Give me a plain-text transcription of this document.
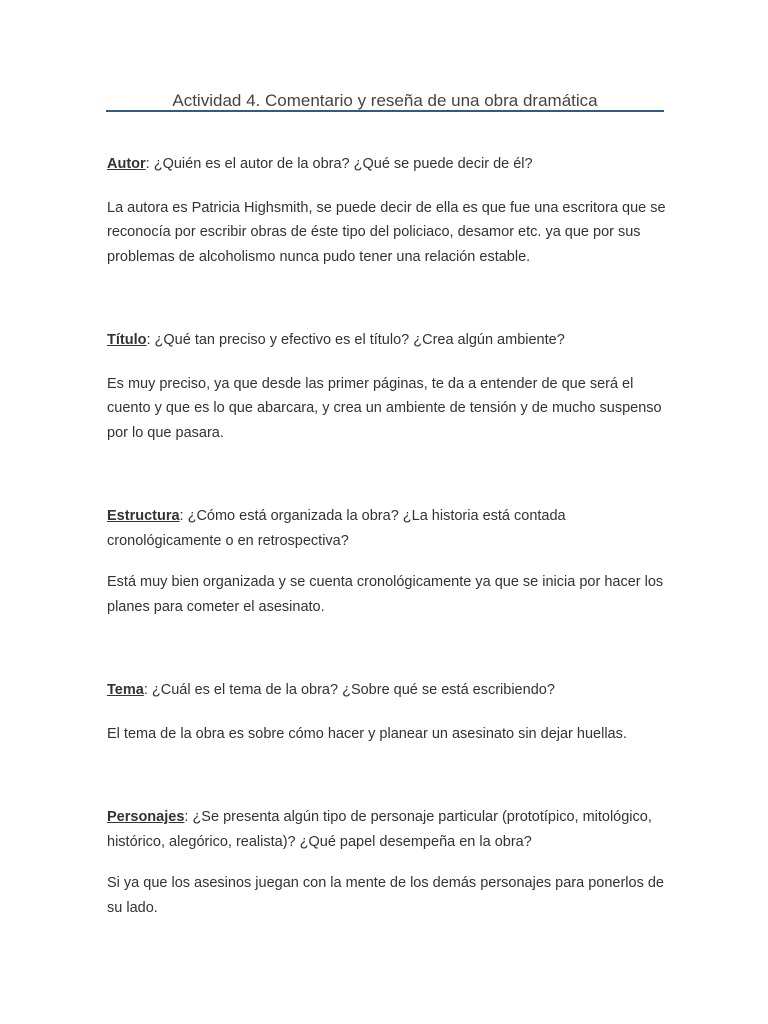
Actividad 4. Comentario y reseña de una obra dramática

Autor: ¿Quién es el autor de la obra? ¿Qué se puede decir de él?

La autora es Patricia Highsmith, se puede decir de ella es que fue una escritora que se reconocía por escribir obras de éste tipo del policiaco, desamor etc. ya que por sus problemas de alcoholismo nunca pudo tener una relación estable.

Título: ¿Qué tan preciso y efectivo es el título? ¿Crea algún ambiente?

Es muy preciso, ya que desde las primer páginas, te da a entender de que será el cuento y que es lo que abarcara, y crea un ambiente de tensión y de mucho suspenso por lo que pasara.

Estructura: ¿Cómo está organizada la obra? ¿La historia está contada cronológicamente o en retrospectiva?

Está muy bien organizada y se cuenta cronológicamente ya que se inicia por hacer los planes para cometer el asesinato.

Tema: ¿Cuál es el tema de la obra? ¿Sobre qué se está escribiendo?

El tema de la obra es sobre cómo hacer y planear un asesinato sin dejar huellas.

Personajes: ¿Se presenta algún tipo de personaje particular (prototípico, mitológico, histórico, alegórico, realista)? ¿Qué papel desempeña en la obra?

Si ya que los asesinos juegan con la mente de los demás personajes para ponerlos de su lado.
